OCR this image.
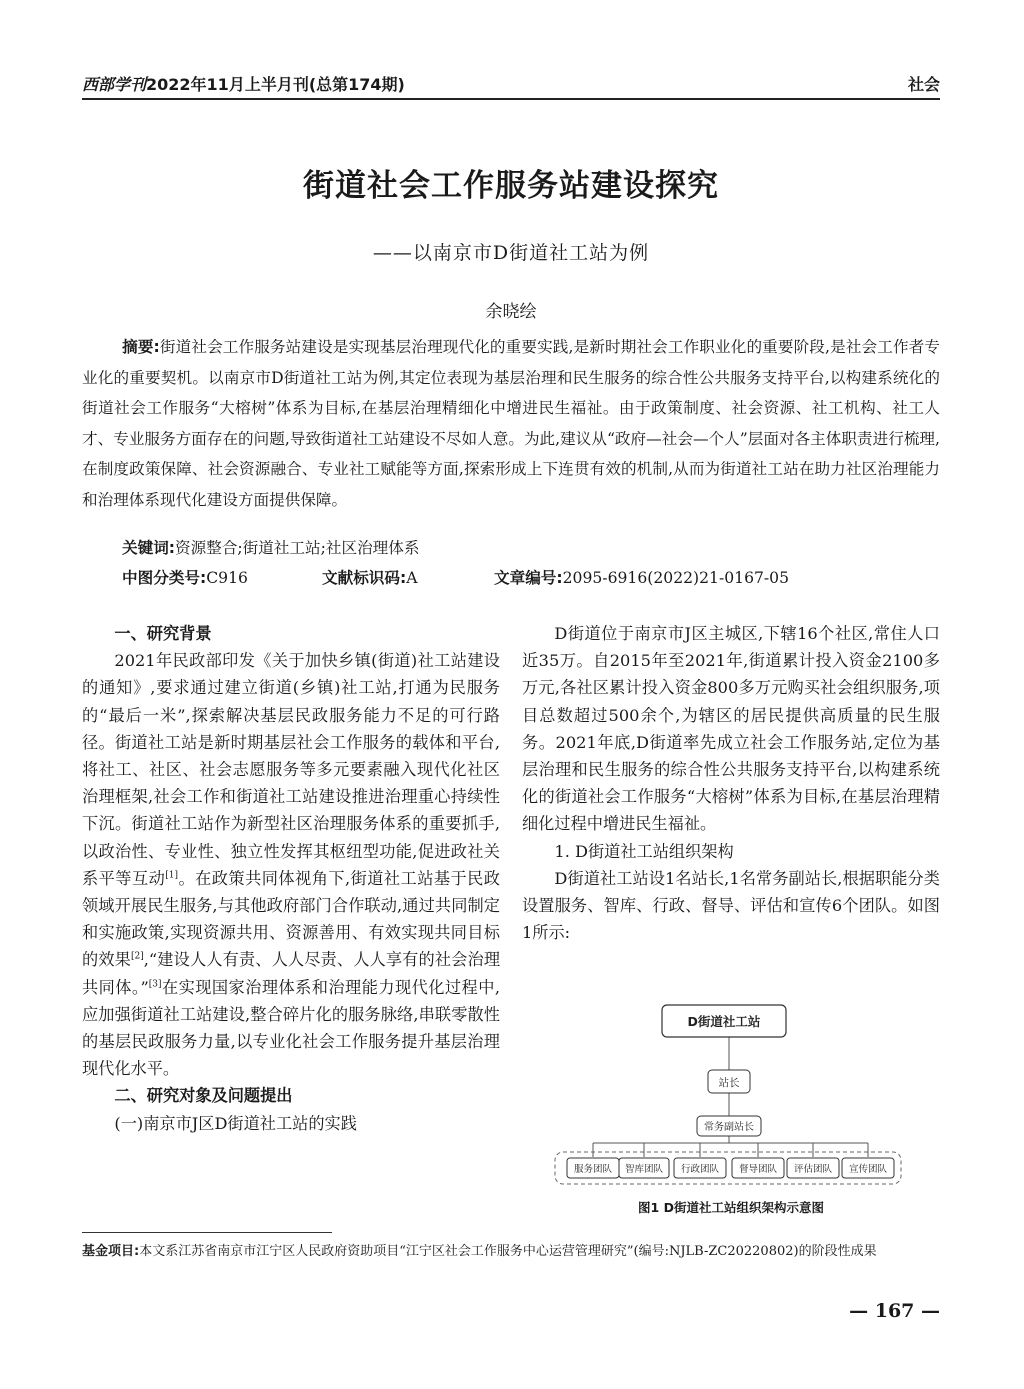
西部学刊2022年11月上半月刊(总第174期)	社会
街道社会工作服务站建设探究
——以南京市D街道社工站为例
余晓绘
摘要:街道社会工作服务站建设是实现基层治理现代化的重要实践,是新时期社会工作职业化的重要阶段,是社会工作者专业化的重要契机。以南京市D街道社工站为例,其定位表现为基层治理和民生服务的综合性公共服务支持平台,以构建系统化的街道社会工作服务“大榕树”体系为目标,在基层治理精细化中增进民生福祉。由于政策制度、社会资源、社工机构、社工人才、专业服务方面存在的问题,导致街道社工站建设不尽如人意。为此,建议从“政府—社会—个人”层面对各主体职责进行梳理,在制度政策保障、社会资源融合、专业社工赋能等方面,探索形成上下连贯有效的机制,从而为街道社工站在助力社区治理能力和治理体系现代化建设方面提供保障。
关键词:资源整合;街道社工站;社区治理体系
中图分类号:C916	文献标识码:A	文章编号:2095-6916(2022)21-0167-05
一、研究背景

2021年民政部印发《关于加快乡镇(街道)社工站建设的通知》,要求通过建立街道(乡镇)社工站,打通为民服务的“最后一米”,探索解决基层民政服务能力不足的可行路径。街道社工站是新时期基层社会工作服务的载体和平台,将社工、社区、社会志愿服务等多元要素融入现代化社区治理框架,社会工作和街道社工站建设推进治理重心持续性下沉。街道社工站作为新型社区治理服务体系的重要抓手,以政治性、专业性、独立性发挥其枢纽型功能,促进政社关系平等互动[1]。在政策共同体视角下,街道社工站基于民政领域开展民生服务,与其他政府部门合作联动,通过共同制定和实施政策,实现资源共用、资源善用、有效实现共同目标的效果[2],“建设人人有责、人人尽责、人人享有的社会治理共同体。”[3]在实现国家治理体系和治理能力现代化过程中,应加强街道社工站建设,整合碎片化的服务脉络,串联零散性的基层民政服务力量,以专业化社会工作服务提升基层治理现代化水平。

二、研究对象及问题提出
(一)南京市J区D街道社工站的实践

D街道位于南京市J区主城区,下辖16个社区,常住人口近35万。自2015年至2021年,街道累计投入资金2100多万元,各社区累计投入资金800多万元购买社会组织服务,项目总数超过500余个,为辖区的居民提供高质量的民生服务。2021年底,D街道率先成立社会工作服务站,定位为基层治理和民生服务的综合性公共服务支持平台,以构建系统化的街道社会工作服务“大榕树”体系为目标,在基层治理精细化过程中增进民生福祉。

1. D街道社工站组织架构

D街道社工站设1名站长,1名常务副站长,根据职能分类设置服务、智库、行政、督导、评估和宣传6个团队。如图1所示:

D街道社工站
站长
常务副站长
服务团队 智库团队 行政团队 督导团队 评估团队 宣传团队
图1 D街道社工站组织架构示意图
基金项目:本文系江苏省南京市江宁区人民政府资助项目“江宁区社会工作服务中心运营管理研究”(编号:NJLB-ZC20220802)的阶段性成果
— 167 —
